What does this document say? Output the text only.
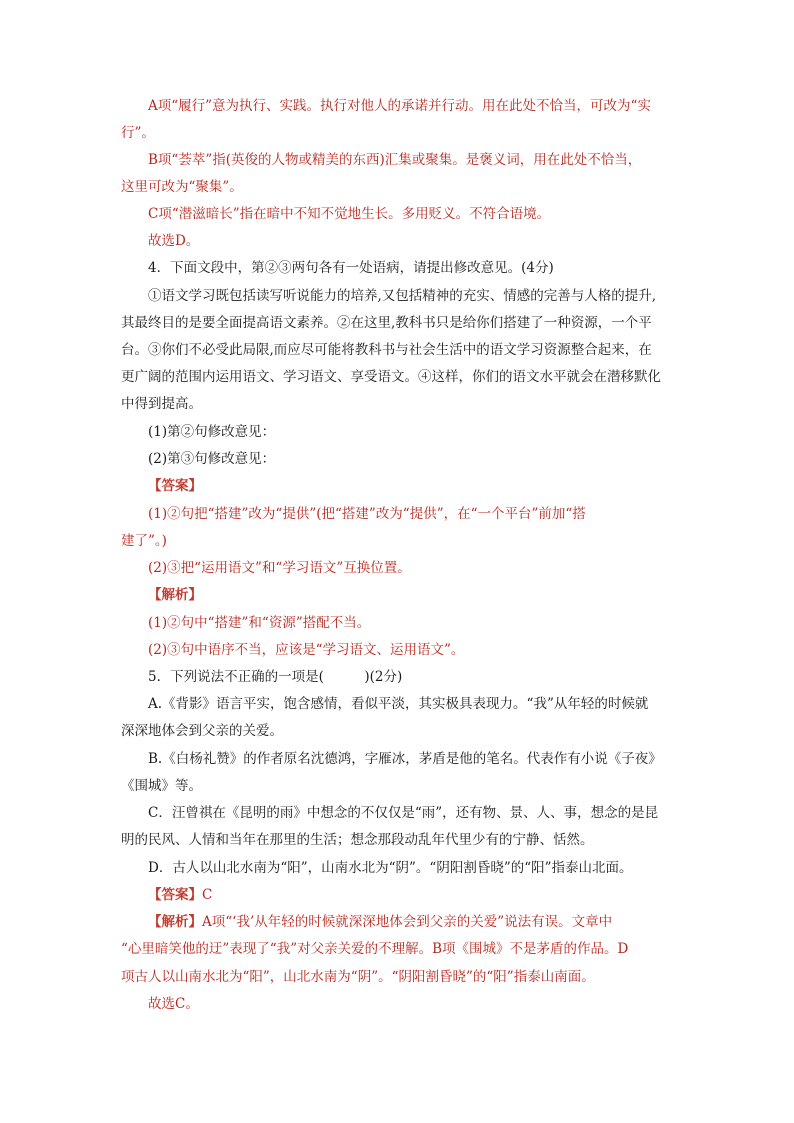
A项“履行”意为执行、实践。执行对他人的承诺并行动。用在此处不恰当，可改为“实
行”。
B项“荟萃”指(英俊的人物或精美的东西)汇集或聚集。是褒义词，用在此处不恰当，
这里可改为“聚集”。
C项“潜滋暗长”指在暗中不知不觉地生长。多用贬义。不符合语境。
故选D。
4．下面文段中，第②③两句各有一处语病，请提出修改意见。(4分)
①语文学习既包括读写听说能力的培养,又包括精神的充实、情感的完善与人格的提升,
其最终目的是要全面提高语文素养。②在这里,教科书只是给你们搭建了一种资源，一个平
台。③你们不必受此局限,而应尽可能将教科书与社会生活中的语文学习资源整合起来，在
更广阔的范围内运用语文、学习语文、享受语文。④这样，你们的语文水平就会在潜移默化
中得到提高。
(1)第②句修改意见：
(2)第③句修改意见：
【答案】
(1)②句把“搭建”改为“提供”(把“搭建”改为“提供”，在“一个平台”前加“搭
建了”。)
(2)③把“运用语文”和“学习语文”互换位置。
【解析】
(1)②句中“搭建”和“资源”搭配不当。
(2)③句中语序不当，应该是“学习语文、运用语文”。
5．下列说法不正确的一项是(　　　)(2分)
A.《背影》语言平实，饱含感情，看似平淡，其实极具表现力。“我”从年轻的时候就
深深地体会到父亲的关爱。
B.《白杨礼赞》的作者原名沈德鸿，字雁冰，茅盾是他的笔名。代表作有小说《子夜》
《围城》等。
C．汪曾祺在《昆明的雨》中想念的不仅仅是“雨”，还有物、景、人、事，想念的是昆
明的民风、人情和当年在那里的生活；想念那段动乱年代里少有的宁静、恬然。
D．古人以山北水南为“阳”，山南水北为“阴”。“阴阳割昏晓”的“阳”指泰山北面。
【答案】C
【解析】A项“‘我’从年轻的时候就深深地体会到父亲的关爱”说法有误。文章中
“心里暗笑他的迂”表现了“我”对父亲关爱的不理解。B项《围城》不是茅盾的作品。D
项古人以山南水北为“阳”，山北水南为“阴”。“阴阳割昏晓”的“阳”指泰山南面。
故选C。
